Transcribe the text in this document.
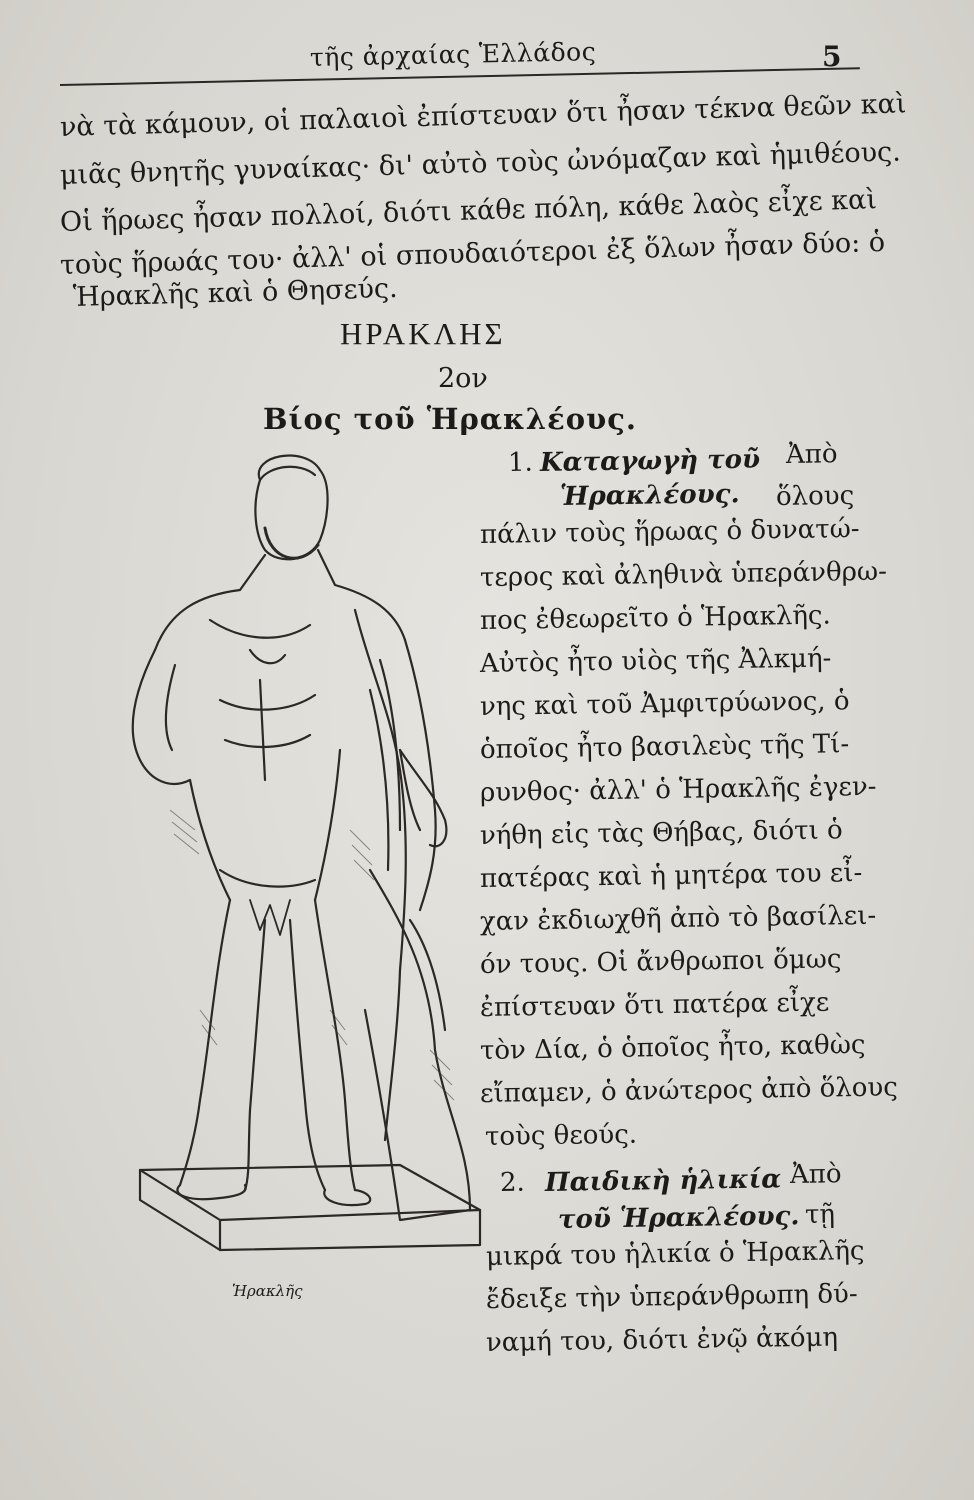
τῆς ἀρχαίας Ἑλλάδος	5
νὰ τὰ κάμουν, οἱ παλαιοὶ ἐπίστευαν ὅτι ἦσαν τέκνα θεῶν καὶ
μιᾶς θνητῆς γυναίκας· δι' αὐτὸ τοὺς ὠνόμαζαν καὶ ἡμιθέους.
Οἱ ἥρωες ἦσαν πολλοί, διότι κάθε πόλη, κάθε λαὸς εἶχε καὶ
τοὺς ἥρωάς του· ἀλλ' οἱ σπουδαιότεροι ἐξ ὅλων ἦσαν δύο: ὁ
Ἡρακλῆς καὶ ὁ Θησεύς.
ΗΡΑΚΛΗΣ
2ον
Βίος τοῦ Ἡρακλέους.
Ἡρακλῆς
1. Καταγωγὴ τοῦ Ἀπὸ
Ἡρακλέους. ὅλους
πάλιν τοὺς ἥρωας ὁ δυνατώ-
τερος καὶ ἀληθινὰ ὑπεράνθρω-
πος ἐθεωρεῖτο ὁ Ἡρακλῆς.
Αὐτὸς ἦτο υἱὸς τῆς Ἀλκμή-
νης καὶ τοῦ Ἀμφιτρύωνος, ὁ
ὁποῖος ἦτο βασιλεὺς τῆς Τί-
ρυνθος· ἀλλ' ὁ Ἡρακλῆς ἐγεν-
νήθη εἰς τὰς Θήβας, διότι ὁ
πατέρας καὶ ἡ μητέρα του εἶ-
χαν ἐκδιωχθῆ ἀπὸ τὸ βασίλει-
όν τους. Οἱ ἄνθρωποι ὅμως
ἐπίστευαν ὅτι πατέρα εἶχε
τὸν Δία, ὁ ὁποῖος ἦτο, καθὼς
εἴπαμεν, ὁ ἀνώτερος ἀπὸ ὅλους
τοὺς θεούς.
2. Παιδικὴ ἡλικία Ἀπὸ
τοῦ Ἡρακλέους. τῇ
μικρά του ἡλικία ὁ Ἡρακλῆς
ἔδειξε τὴν ὑπεράνθρωπη δύ-
ναμή του, διότι ἐνῷ ἀκόμη
